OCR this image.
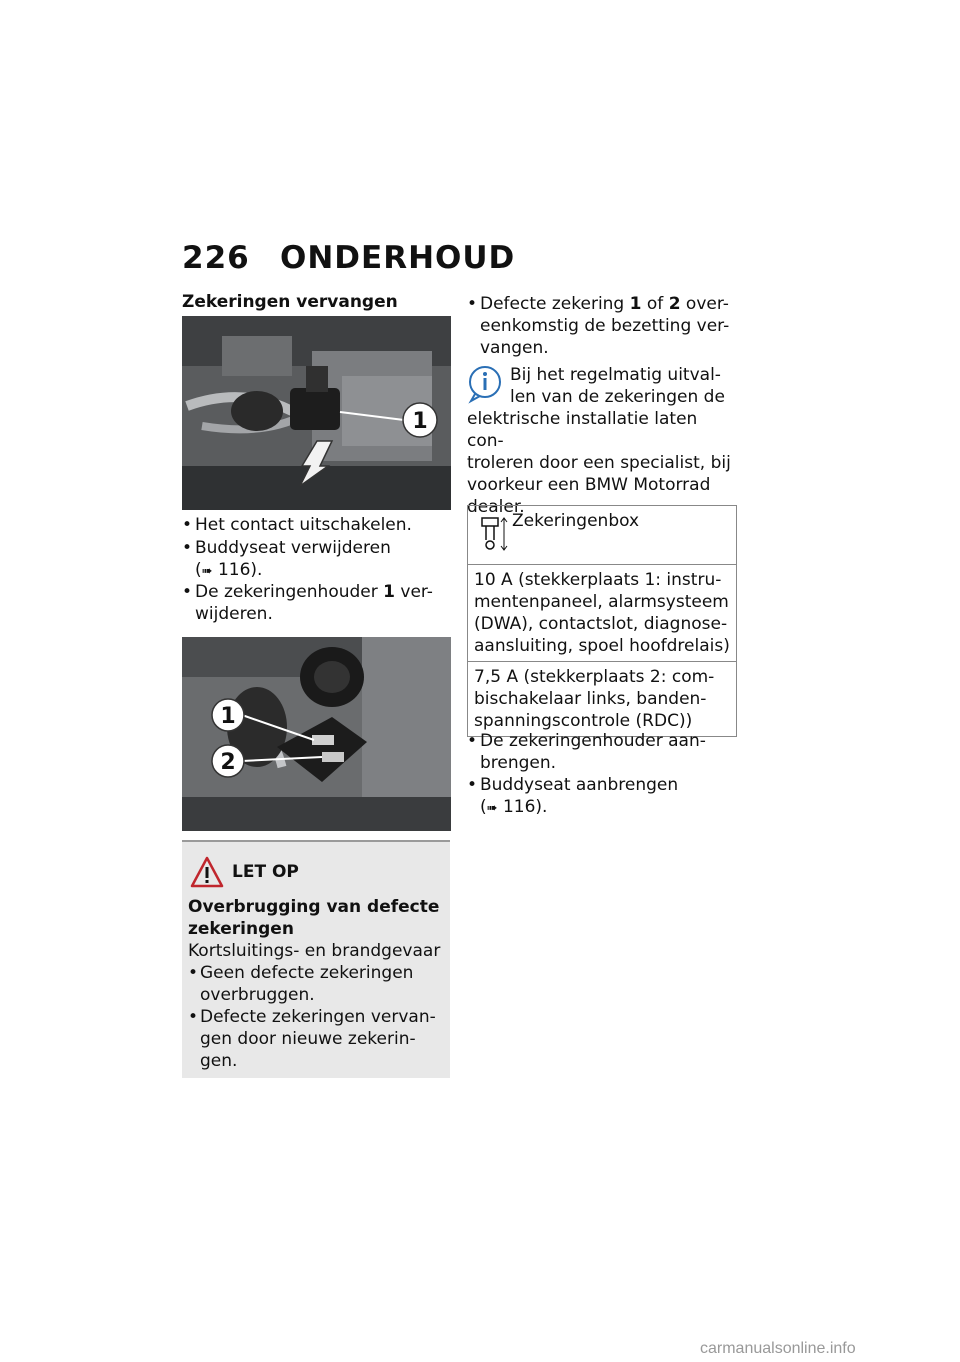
226 ONDERHOUD
Zekeringen vervangen
1
• Het contact uitschakelen.
• Buddyseat verwijderen
(➠ 116).
• De zekeringenhouder 1 ver-
wijderen.
1
2
LET OP
Overbrugging van defecte zekeringen
Kortsluitings- en brandgevaar
• Geen defecte zekeringen
overbruggen.
• Defecte zekeringen vervan-
gen door nieuwe zekerin-
gen.
• Defecte zekering 1 of 2 over-
eenkomstig de bezetting ver-
vangen.
Bij het regelmatig uitval-
len van de zekeringen de
elektrische installatie laten con-
troleren door een specialist, bij
voorkeur een BMW Motorrad
dealer.
Zekeringenbox
10 A (stekkerplaats 1: instru-
mentenpaneel, alarmsysteem
(DWA), contactslot, diagnose-
aansluiting, spoel hoofdrelais)
7,5 A (stekkerplaats 2: com-
bischakelaar links, banden-
spanningscontrole (RDC))
• De zekeringenhouder aan-
brengen.
• Buddyseat aanbrengen
(➠ 116).
carmanualsonline.info
